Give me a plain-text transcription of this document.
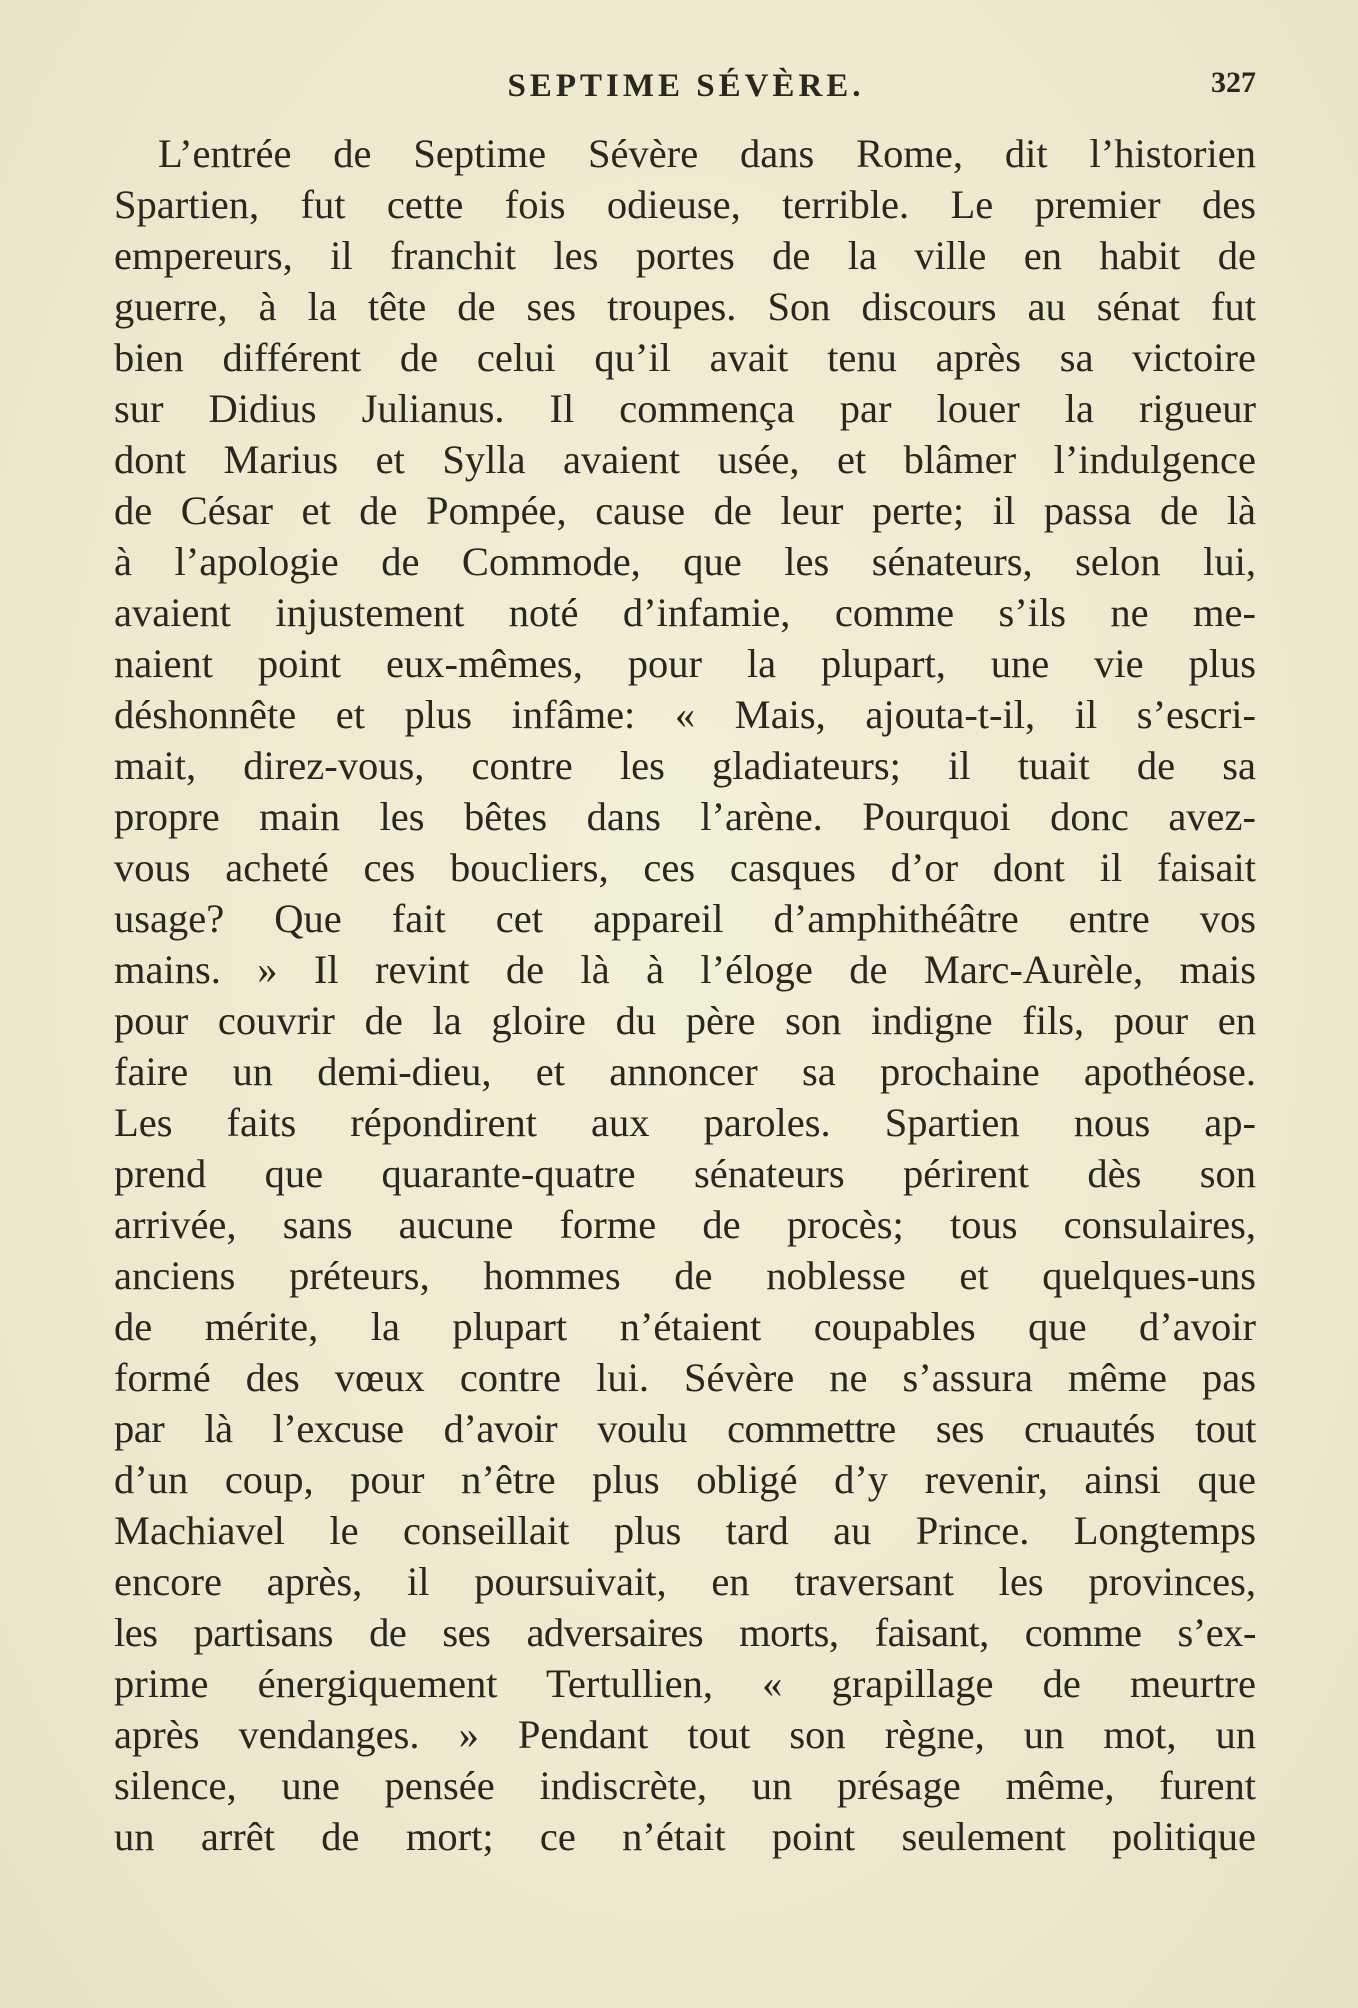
SEPTIME SÉVÈRE.	327
L’entrée de Septime Sévère dans Rome, dit l’historien
Spartien, fut cette fois odieuse, terrible. Le premier des
empereurs, il franchit les portes de la ville en habit de
guerre, à la tête de ses troupes. Son discours au sénat fut
bien différent de celui qu’il avait tenu après sa victoire
sur Didius Julianus. Il commença par louer la rigueur
dont Marius et Sylla avaient usée, et blâmer l’indulgence
de César et de Pompée, cause de leur perte; il passa de là
à l’apologie de Commode, que les sénateurs, selon lui,
avaient injustement noté d’infamie, comme s’ils ne me-
naient point eux-mêmes, pour la plupart, une vie plus
déshonnête et plus infâme: « Mais, ajouta-t-il, il s’escri-
mait, direz-vous, contre les gladiateurs; il tuait de sa
propre main les bêtes dans l’arène. Pourquoi donc avez-
vous acheté ces boucliers, ces casques d’or dont il faisait
usage? Que fait cet appareil d’amphithéâtre entre vos
mains. » Il revint de là à l’éloge de Marc-Aurèle, mais
pour couvrir de la gloire du père son indigne fils, pour en
faire un demi-dieu, et annoncer sa prochaine apothéose.
Les faits répondirent aux paroles. Spartien nous ap-
prend que quarante-quatre sénateurs périrent dès son
arrivée, sans aucune forme de procès; tous consulaires,
anciens préteurs, hommes de noblesse et quelques-uns
de mérite, la plupart n’étaient coupables que d’avoir
formé des vœux contre lui. Sévère ne s’assura même pas
par là l’excuse d’avoir voulu commettre ses cruautés tout
d’un coup, pour n’être plus obligé d’y revenir, ainsi que
Machiavel le conseillait plus tard au Prince. Longtemps
encore après, il poursuivait, en traversant les provinces,
les partisans de ses adversaires morts, faisant, comme s’ex-
prime énergiquement Tertullien, « grapillage de meurtre
après vendanges. » Pendant tout son règne, un mot, un
silence, une pensée indiscrète, un présage même, furent
un arrêt de mort; ce n’était point seulement politique
